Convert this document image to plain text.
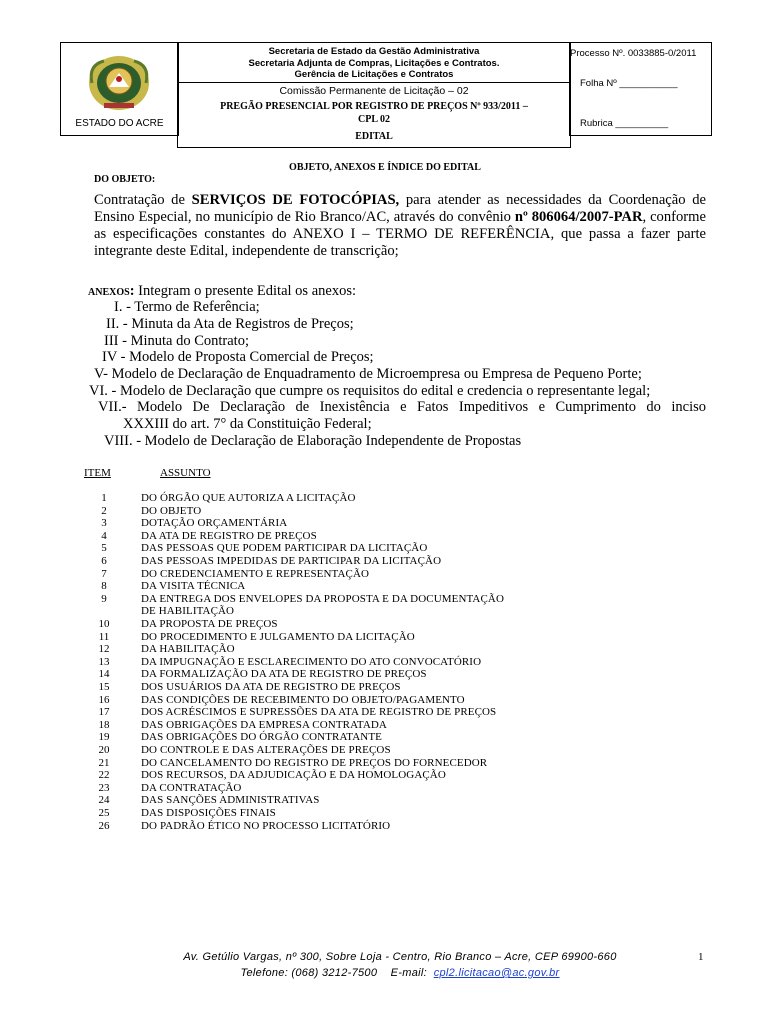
ESTADO DO ACRE
Secretaria de Estado da Gestão Administrativa
Secretaria Adjunta de Compras, Licitações e Contratos.
Gerência de Licitações e Contratos
Comissão Permanente de Licitação – 02
PREGÃO PRESENCIAL POR REGISTRO DE PREÇOS Nº 933/2011 –
CPL 02
EDITAL
Processo Nº. 0033885-0/2011
Folha Nº ___________
Rubrica __________
OBJETO, ANEXOS E ÍNDICE DO EDITAL
DO OBJETO:
Contratação de SERVIÇOS DE FOTOCÓPIAS, para atender as necessidades da Coordenação de Ensino Especial, no município de Rio Branco/AC, através do convênio nº 806064/2007-PAR, conforme as especificações constantes do ANEXO I – TERMO DE REFERÊNCIA, que passa a fazer parte integrante deste Edital, independente de transcrição;
ANEXOS: Integram o presente Edital os anexos:
I. - Termo de Referência;
II. - Minuta da Ata de Registros de Preços;
III - Minuta do Contrato;
IV - Modelo de Proposta Comercial de Preços;
V- Modelo de Declaração de Enquadramento de Microempresa ou Empresa de Pequeno Porte;
VI. - Modelo de Declaração que cumpre os requisitos do edital e credencia o representante legal;
VII.- Modelo De Declaração de Inexistência e Fatos Impeditivos e Cumprimento do inciso
XXXIII do art. 7° da Constituição Federal;
VIII. - Modelo de Declaração de Elaboração Independente de Propostas
ITEM	ASSUNTO
1	DO ÓRGÃO QUE AUTORIZA A LICITAÇÃO
2	DO OBJETO
3	DOTAÇÃO ORÇAMENTÁRIA
4	DA ATA DE REGISTRO DE PREÇOS
5	DAS PESSOAS QUE PODEM PARTICIPAR DA LICITAÇÃO
6	DAS PESSOAS IMPEDIDAS DE PARTICIPAR DA LICITAÇÃO
7	DO CREDENCIAMENTO E REPRESENTAÇÃO
8	DA VISITA TÉCNICA
9	DA ENTREGA DOS ENVELOPES DA PROPOSTA E DA DOCUMENTAÇÃO
DE HABILITAÇÃO
10	DA PROPOSTA DE PREÇOS
11	DO PROCEDIMENTO E JULGAMENTO DA LICITAÇÃO
12	DA HABILITAÇÃO
13	DA IMPUGNAÇÃO E ESCLARECIMENTO DO ATO CONVOCATÓRIO
14	DA FORMALIZAÇÃO DA ATA DE REGISTRO DE PREÇOS
15	DOS USUÁRIOS DA ATA DE REGISTRO DE PREÇOS
16	DAS CONDIÇÕES DE RECEBIMENTO DO OBJETO/PAGAMENTO
17	DOS ACRÉSCIMOS E SUPRESSÕES DA ATA DE REGISTRO DE PREÇOS
18	DAS OBRIGAÇÕES DA EMPRESA CONTRATADA
19	DAS OBRIGAÇÕES DO ÓRGÃO CONTRATANTE
20	DO CONTROLE E DAS ALTERAÇÕES DE PREÇOS
21	DO CANCELAMENTO DO REGISTRO DE PREÇOS DO FORNECEDOR
22	DOS RECURSOS, DA ADJUDICAÇÃO E DA HOMOLOGAÇÃO
23	DA CONTRATAÇÃO
24	DAS SANÇÕES ADMINISTRATIVAS
25	DAS DISPOSIÇÕES FINAIS
26	DO PADRÃO ÉTICO NO PROCESSO LICITATÓRIO
Av. Getúlio Vargas, nº 300, Sobre Loja - Centro, Rio Branco – Acre, CEP 69900-660
Telefone: (068) 3212-7500    E-mail:  cpl2.licitacao@ac.gov.br
1
